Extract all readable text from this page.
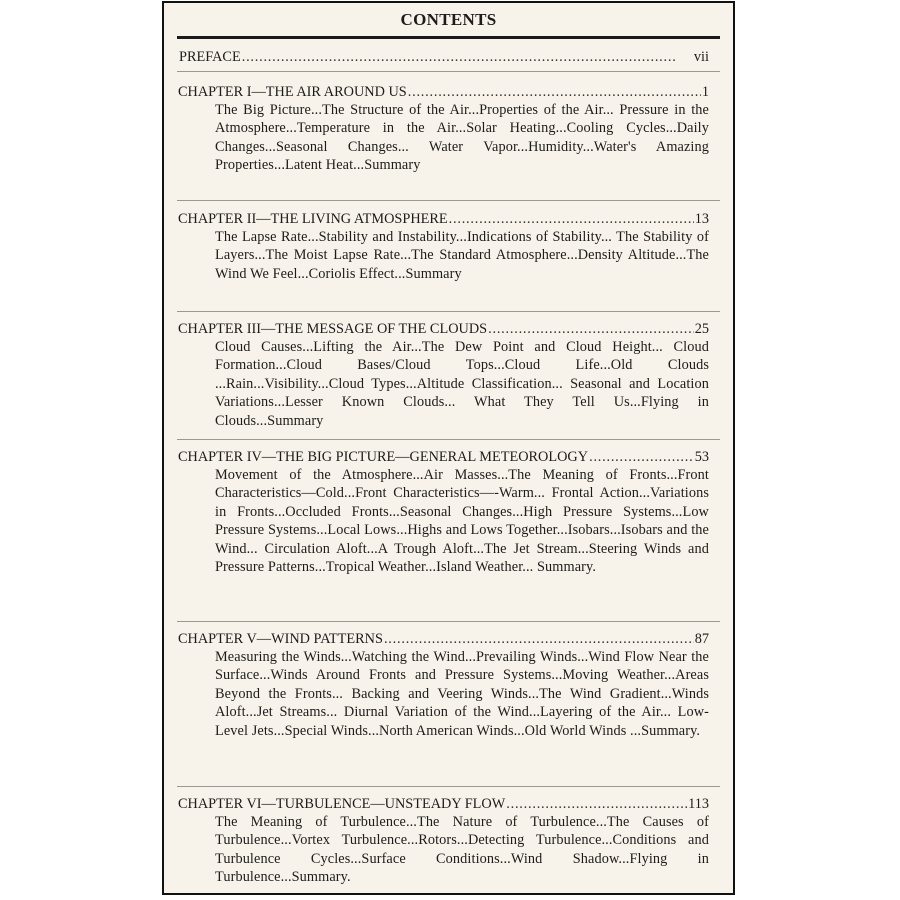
CONTENTS
PREFACE . . .	vii
CHAPTER I—THE AIR AROUND US . . .	1

The Big Picture...The Structure of the Air...Properties of the Air... Pressure in the Atmosphere...Temperature in the Air...Solar Heating...Cooling Cycles...Daily Changes...Seasonal Changes... Water Vapor...Humidity...Water's Amazing Properties...Latent Heat...Summary

CHAPTER II—THE LIVING ATMOSPHERE . . .	13

The Lapse Rate...Stability and Instability...Indications of Stability... The Stability of Layers...The Moist Lapse Rate...The Standard Atmosphere...Density Altitude...The Wind We Feel...Coriolis Effect...Summary

CHAPTER III—THE MESSAGE OF THE CLOUDS . . .	25

Cloud Causes...Lifting the Air...The Dew Point and Cloud Height... Cloud Formation...Cloud Bases/Cloud Tops...Cloud Life...Old Clouds ...Rain...Visibility...Cloud Types...Altitude Classification... Seasonal and Location Variations...Lesser Known Clouds... What They Tell Us...Flying in Clouds...Summary

CHAPTER IV—THE BIG PICTURE—GENERAL METEOROLOGY . . .	53

Movement of the Atmosphere...Air Masses...The Meaning of Fronts...Front Characteristics—Cold...Front Characteristics—-Warm... Frontal Action...Variations in Fronts...Occluded Fronts...Seasonal Changes...High Pressure Systems...Low Pressure Systems...Local Lows...Highs and Lows Together...Isobars...Isobars and the Wind... Circulation Aloft...A Trough Aloft...The Jet Stream...Steering Winds and Pressure Patterns...Tropical Weather...Island Weather... Summary.

CHAPTER V—WIND PATTERNS . . .	87

Measuring the Winds...Watching the Wind...Prevailing Winds...Wind Flow Near the Surface...Winds Around Fronts and Pressure Systems...Moving Weather...Areas Beyond the Fronts... Backing and Veering Winds...The Wind Gradient...Winds Aloft...Jet Streams... Diurnal Variation of the Wind...Layering of the Air... Low-Level Jets...Special Winds...North American Winds...Old World Winds ...Summary.

CHAPTER VI—TURBULENCE—UNSTEADY FLOW . . .	113

The Meaning of Turbulence...The Nature of Turbulence...The Causes of Turbulence...Vortex Turbulence...Rotors...Detecting Turbulence...Conditions and Turbulence Cycles...Surface Conditions...Wind Shadow...Flying in Turbulence...Summary.
